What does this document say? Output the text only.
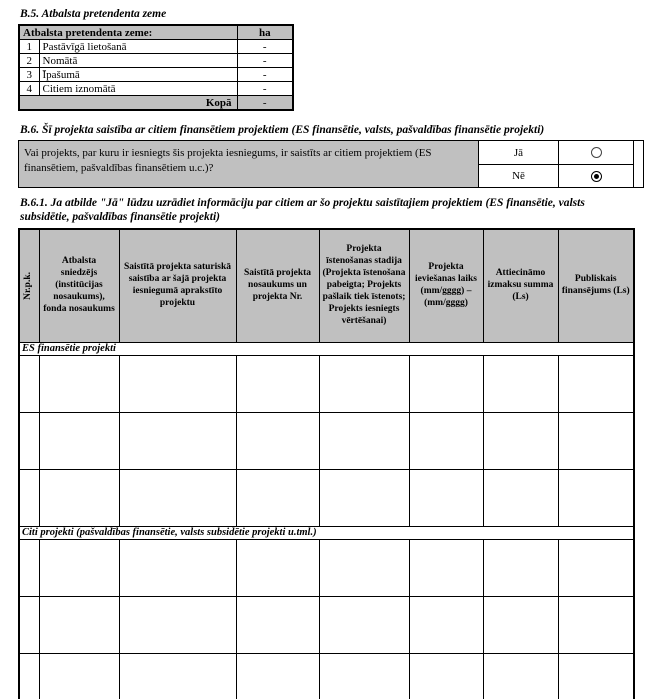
B.5. Atbalsta pretendenta zeme
Atbalsta pretendenta zeme:		ha
1	Pastāvīgā lietošanā	-
2	Nomātā	-
3	Īpašumā	-
4	Citiem iznomātā	-
Kopā		-
B.6. Šī projekta saistība ar citiem finansētiem projektiem (ES finansētie, valsts, pašvaldības finansētie projekti)
Vai projekts, par kuru ir iesniegts šis projekta iesniegums, ir saistīts ar citiem projektiem (ES finansētiem, pašvaldības finansētiem u.c.)?
Jā
Nē
B.6.1. Ja atbilde "Jā" lūdzu uzrādiet informāciju par citiem ar šo projektu saistītajiem projektiem (ES finansētie, valsts subsidētie, pašvaldības finansētie projekti)
Nr.p.k.	Atbalsta sniedzējs (institūcijas nosaukums), fonda nosaukums	Saistītā projekta saturiskā saistība ar šajā projekta iesniegumā aprakstīto projektu	Saistītā projekta nosaukums un projekta Nr.	Projekta īstenošanas stadija (Projekta īstenošana pabeigta; Projekts pašlaik tiek īstenots; Projekts iesniegts vērtēšanai)	Projekta ieviešanas laiks (mm/gggg) – (mm/gggg)	Attiecināmo izmaksu summa (Ls)	Publiskais finansējums (Ls)
ES finansētie projekti							

Citi projekti (pašvaldības finansētie, valsts subsidētie projekti u.tml.)							
